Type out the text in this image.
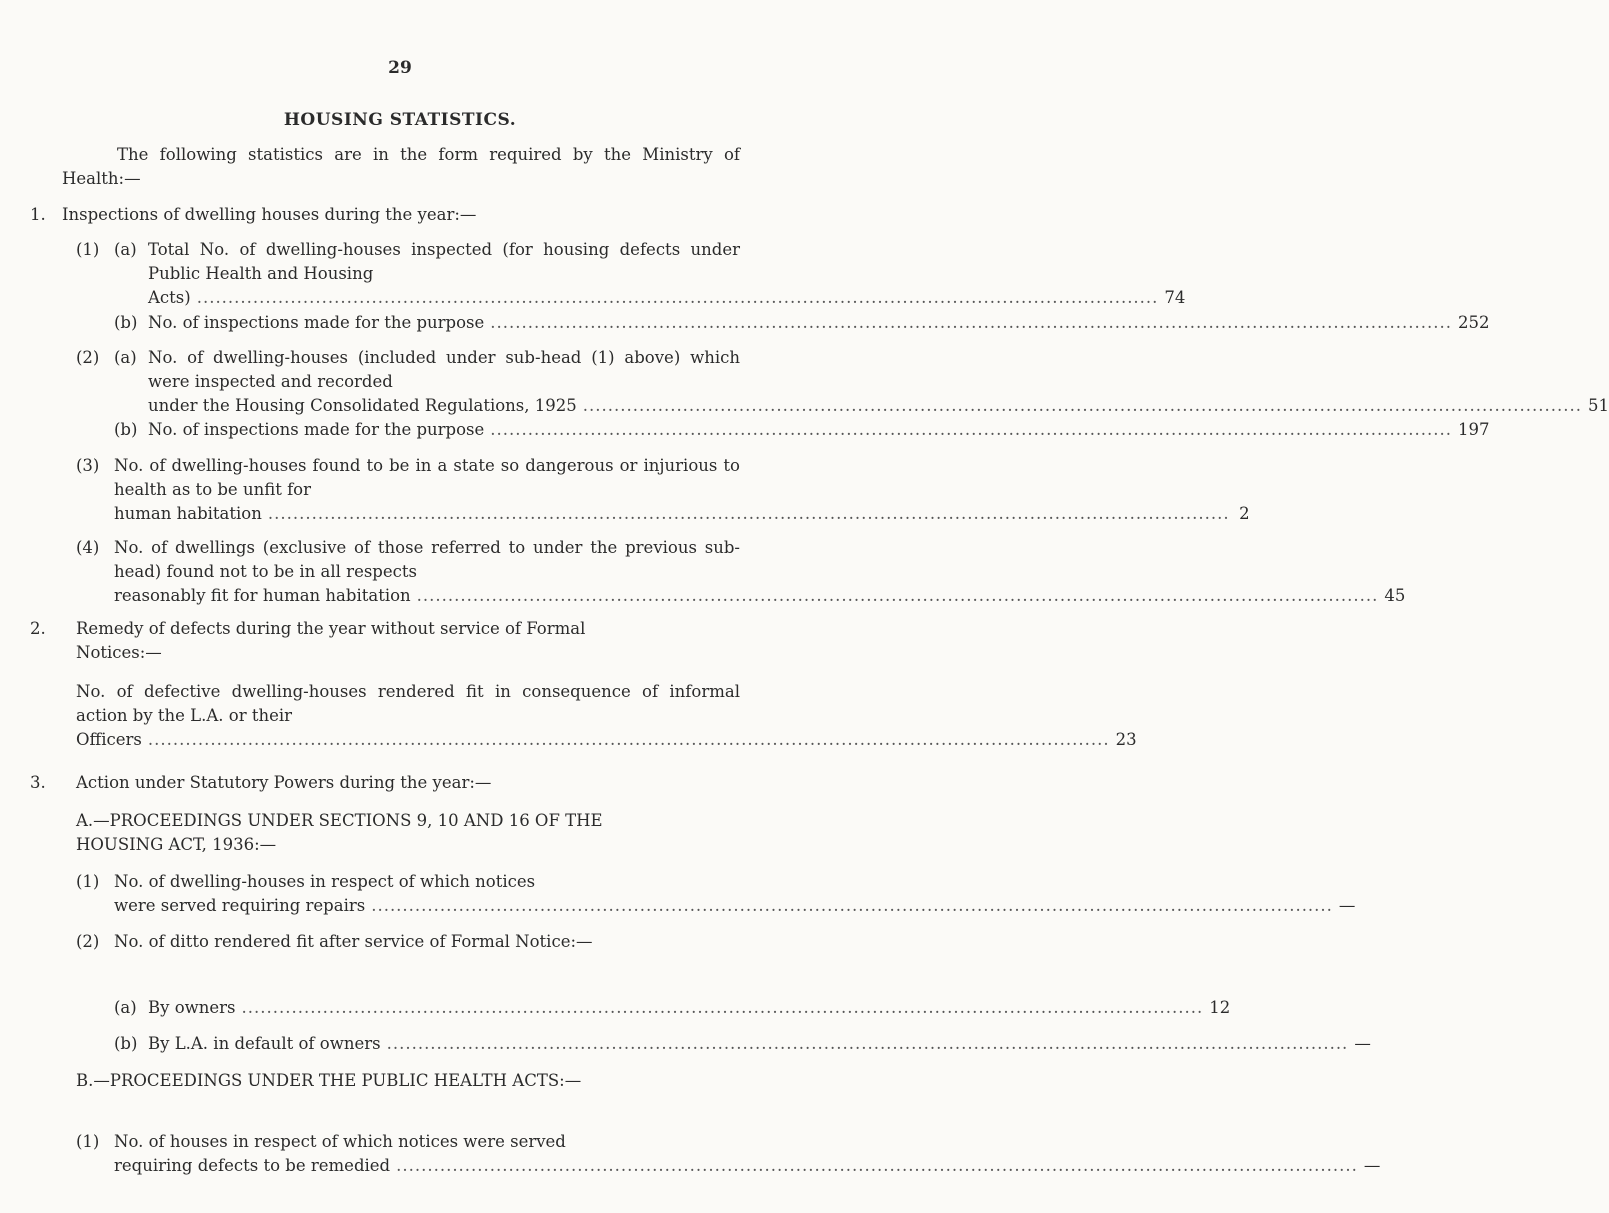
29
HOUSING STATISTICS.
The following statistics are in the form required by the Ministry of Health:—
1. Inspections of dwelling houses during the year:—
(1) (a) Total No. of dwelling-houses inspected (for housing defects under Public Health and Housing
Acts) .......................................................................................................................................................... 74
(b) No. of inspections made for the purpose .......................................................................................................................................................... 252
(2) (a) No. of dwelling-houses (included under sub-head (1) above) which were inspected and recorded
under the Housing Consolidated Regulations, 1925 ................................................................................................................................................................ 51
(b) No. of inspections made for the purpose .......................................................................................................................................................... 197
(3) No. of dwelling-houses found to be in a state so dangerous or injurious to health as to be unfit for
human habitation .......................................................................................................................................................... 2
(4) No. of dwellings (exclusive of those referred to under the previous sub-head) found not to be in all respects
reasonably fit for human habitation .......................................................................................................................................................... 45
2. Remedy of defects during the year without service of Formal Notices:—
No. of defective dwelling-houses rendered fit in consequence of informal action by the L.A. or their
Officers .......................................................................................................................................................... 23
3. Action under Statutory Powers during the year:—
A.—PROCEEDINGS UNDER SECTIONS 9, 10 AND 16 OF THE HOUSING ACT, 1936:—
(1) No. of dwelling-houses in respect of which notices
were served requiring repairs .......................................................................................................................................................... —
(2) No. of ditto rendered fit after service of Formal Notice:—
(a) By owners .......................................................................................................................................................... 12
(b) By L.A. in default of owners .......................................................................................................................................................... —
B.—PROCEEDINGS UNDER THE PUBLIC HEALTH ACTS:—
(1) No. of houses in respect of which notices were served
requiring defects to be remedied .......................................................................................................................................................... —
